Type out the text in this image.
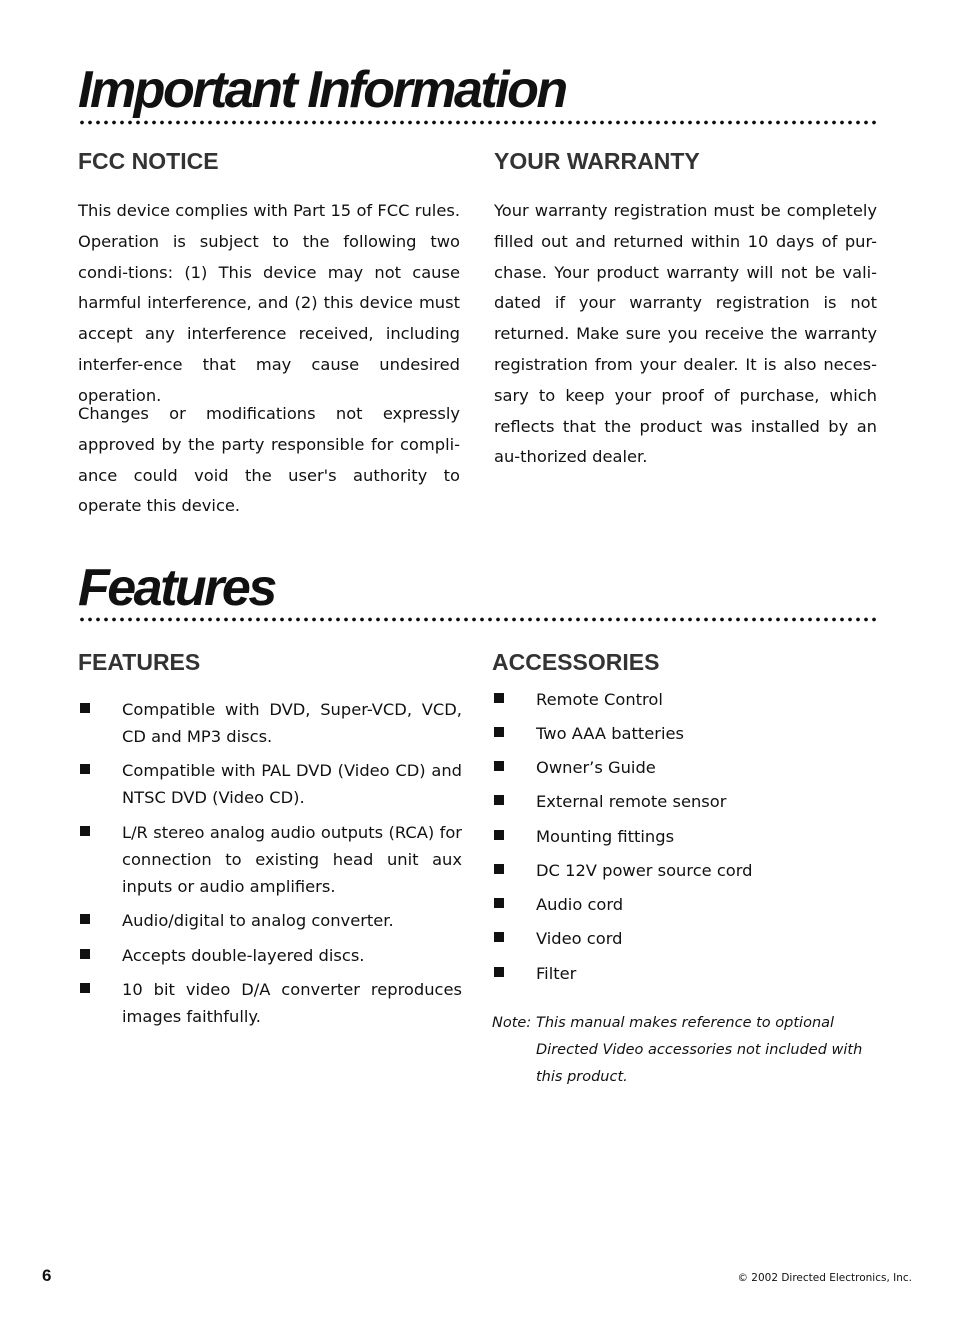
Important Information
FCC NOTICE

This device complies with Part 15 of FCC rules. Operation is subject to the following two condi-tions: (1) This device may not cause harmful interference, and (2) this device must accept any interference received, including interfer-ence that may cause undesired operation.

Changes or modifications not expressly approved by the party responsible for compli-ance could void the user's authority to operate this device.

YOUR WARRANTY

Your warranty registration must be completely filled out and returned within 10 days of pur-chase. Your product warranty will not be vali-dated if your warranty registration is not returned. Make sure you receive the warranty registration from your dealer. It is also neces-sary to keep your proof of purchase, which reflects that the product was installed by an au-thorized dealer.

Features
FEATURES
Compatible with DVD, Super-VCD, VCD, CD and MP3 discs.
Compatible with PAL DVD (Video CD) and NTSC DVD (Video CD).
L/R stereo analog audio outputs (RCA) for connection to existing head unit aux inputs or audio amplifiers.
Audio/digital to analog converter.
Accepts double-layered discs.
10 bit video D/A converter reproduces images faithfully.
ACCESSORIES
Remote Control
Two AAA batteries
Owner’s Guide
External remote sensor
Mounting fittings
DC 12V power source cord
Audio cord
Video cord
Filter
Note: This manual makes reference to optional Directed Video accessories not included with this product.
6	© 2002 Directed Electronics, Inc.
